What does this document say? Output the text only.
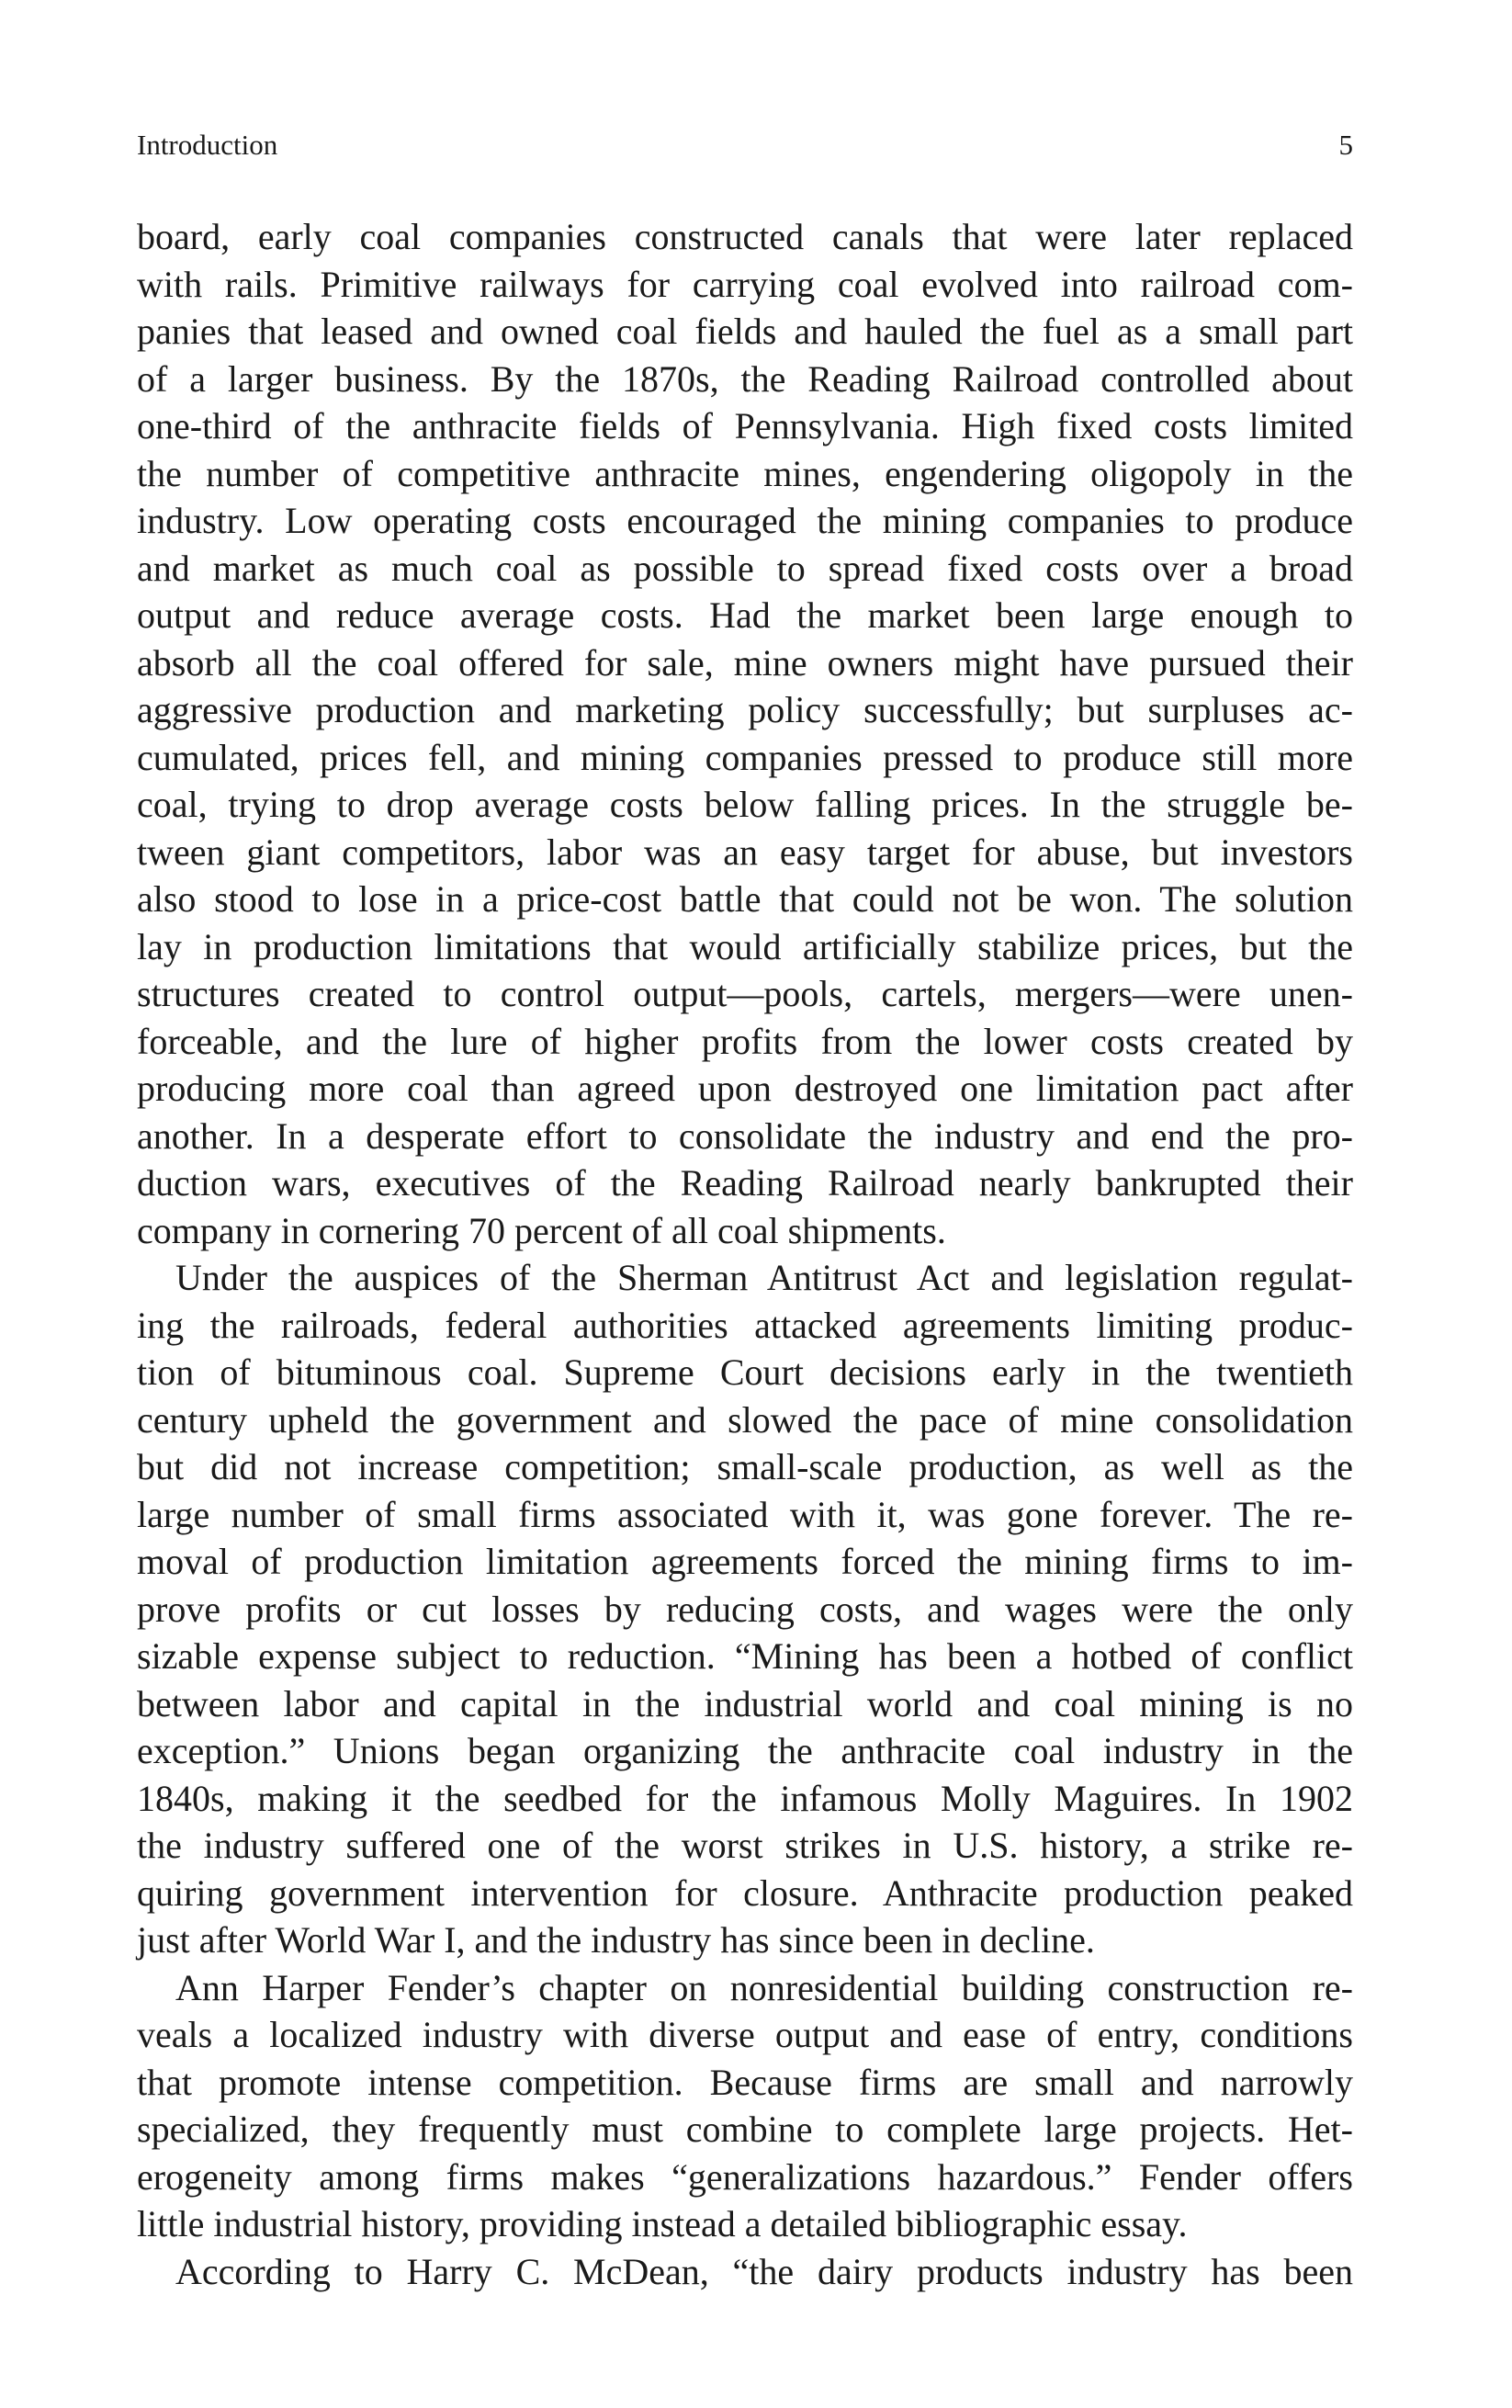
Introduction	5
board, early coal companies constructed canals that were later replaced
with rails. Primitive railways for carrying coal evolved into railroad com-
panies that leased and owned coal fields and hauled the fuel as a small part
of a larger business. By the 1870s, the Reading Railroad controlled about
one-third of the anthracite fields of Pennsylvania. High fixed costs limited
the number of competitive anthracite mines, engendering oligopoly in the
industry. Low operating costs encouraged the mining companies to produce
and market as much coal as possible to spread fixed costs over a broad
output and reduce average costs. Had the market been large enough to
absorb all the coal offered for sale, mine owners might have pursued their
aggressive production and marketing policy successfully; but surpluses ac-
cumulated, prices fell, and mining companies pressed to produce still more
coal, trying to drop average costs below falling prices. In the struggle be-
tween giant competitors, labor was an easy target for abuse, but investors
also stood to lose in a price-cost battle that could not be won. The solution
lay in production limitations that would artificially stabilize prices, but the
structures created to control output—pools, cartels, mergers—were unen-
forceable, and the lure of higher profits from the lower costs created by
producing more coal than agreed upon destroyed one limitation pact after
another. In a desperate effort to consolidate the industry and end the pro-
duction wars, executives of the Reading Railroad nearly bankrupted their
company in cornering 70 percent of all coal shipments.
Under the auspices of the Sherman Antitrust Act and legislation regulat-
ing the railroads, federal authorities attacked agreements limiting produc-
tion of bituminous coal. Supreme Court decisions early in the twentieth
century upheld the government and slowed the pace of mine consolidation
but did not increase competition; small-scale production, as well as the
large number of small firms associated with it, was gone forever. The re-
moval of production limitation agreements forced the mining firms to im-
prove profits or cut losses by reducing costs, and wages were the only
sizable expense subject to reduction. “Mining has been a hotbed of conflict
between labor and capital in the industrial world and coal mining is no
exception.” Unions began organizing the anthracite coal industry in the
1840s, making it the seedbed for the infamous Molly Maguires. In 1902
the industry suffered one of the worst strikes in U.S. history, a strike re-
quiring government intervention for closure. Anthracite production peaked
just after World War I, and the industry has since been in decline.
Ann Harper Fender’s chapter on nonresidential building construction re-
veals a localized industry with diverse output and ease of entry, conditions
that promote intense competition. Because firms are small and narrowly
specialized, they frequently must combine to complete large projects. Het-
erogeneity among firms makes “generalizations hazardous.” Fender offers
little industrial history, providing instead a detailed bibliographic essay.
According to Harry C. McDean, “the dairy products industry has been
